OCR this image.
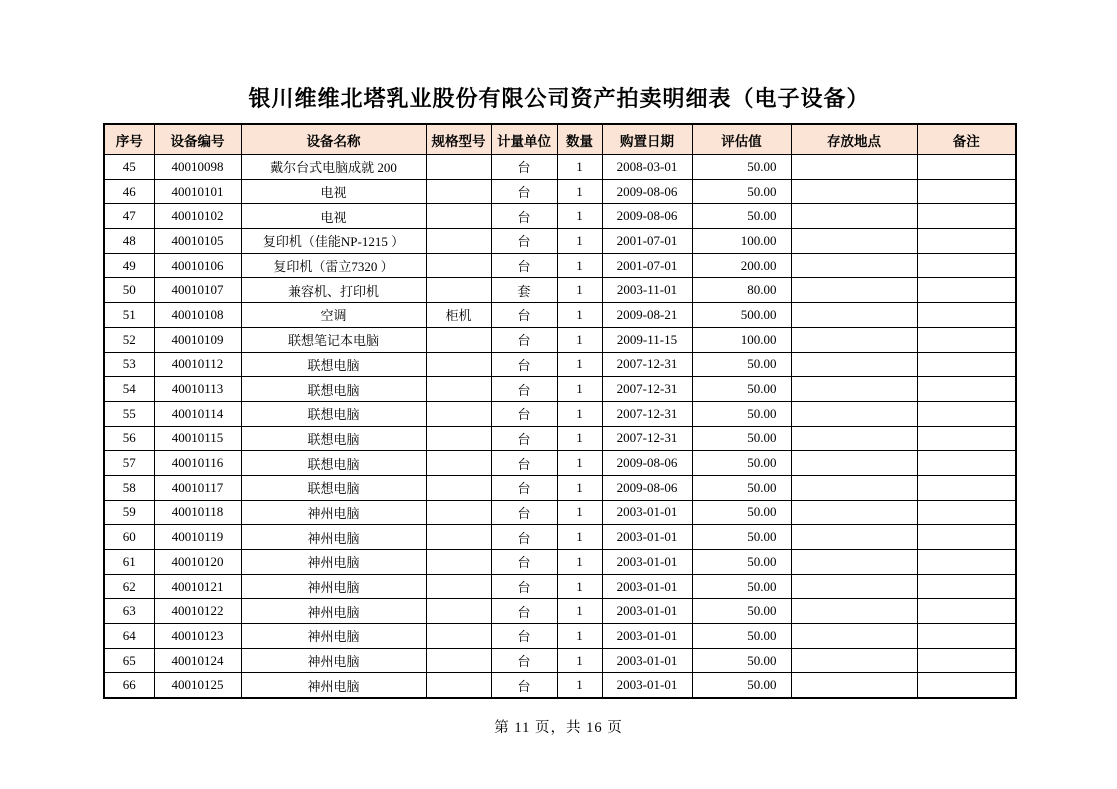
银川维维北塔乳业股份有限公司资产拍卖明细表（电子设备）
序号	设备编号	设备名称	规格型号	计量单位	数量	购置日期	评估值	存放地点	备注
45	40010098	戴尔台式电脑成就 200		台	1	2008-03-01	50.00		
46	40010101	电视		台	1	2009-08-06	50.00		
47	40010102	电视		台	1	2009-08-06	50.00		
48	40010105	复印机（佳能NP-1215 ）		台	1	2001-07-01	100.00		
49	40010106	复印机（雷立7320 ）		台	1	2001-07-01	200.00		
50	40010107	兼容机、打印机		套	1	2003-11-01	80.00		
51	40010108	空调	柜机	台	1	2009-08-21	500.00		
52	40010109	联想笔记本电脑		台	1	2009-11-15	100.00		
53	40010112	联想电脑		台	1	2007-12-31	50.00		
54	40010113	联想电脑		台	1	2007-12-31	50.00		
55	40010114	联想电脑		台	1	2007-12-31	50.00		
56	40010115	联想电脑		台	1	2007-12-31	50.00		
57	40010116	联想电脑		台	1	2009-08-06	50.00		
58	40010117	联想电脑		台	1	2009-08-06	50.00		
59	40010118	神州电脑		台	1	2003-01-01	50.00		
60	40010119	神州电脑		台	1	2003-01-01	50.00		
61	40010120	神州电脑		台	1	2003-01-01	50.00		
62	40010121	神州电脑		台	1	2003-01-01	50.00		
63	40010122	神州电脑		台	1	2003-01-01	50.00		
64	40010123	神州电脑		台	1	2003-01-01	50.00		
65	40010124	神州电脑		台	1	2003-01-01	50.00		
66	40010125	神州电脑		台	1	2003-01-01	50.00		
第 11 页，共 16 页
